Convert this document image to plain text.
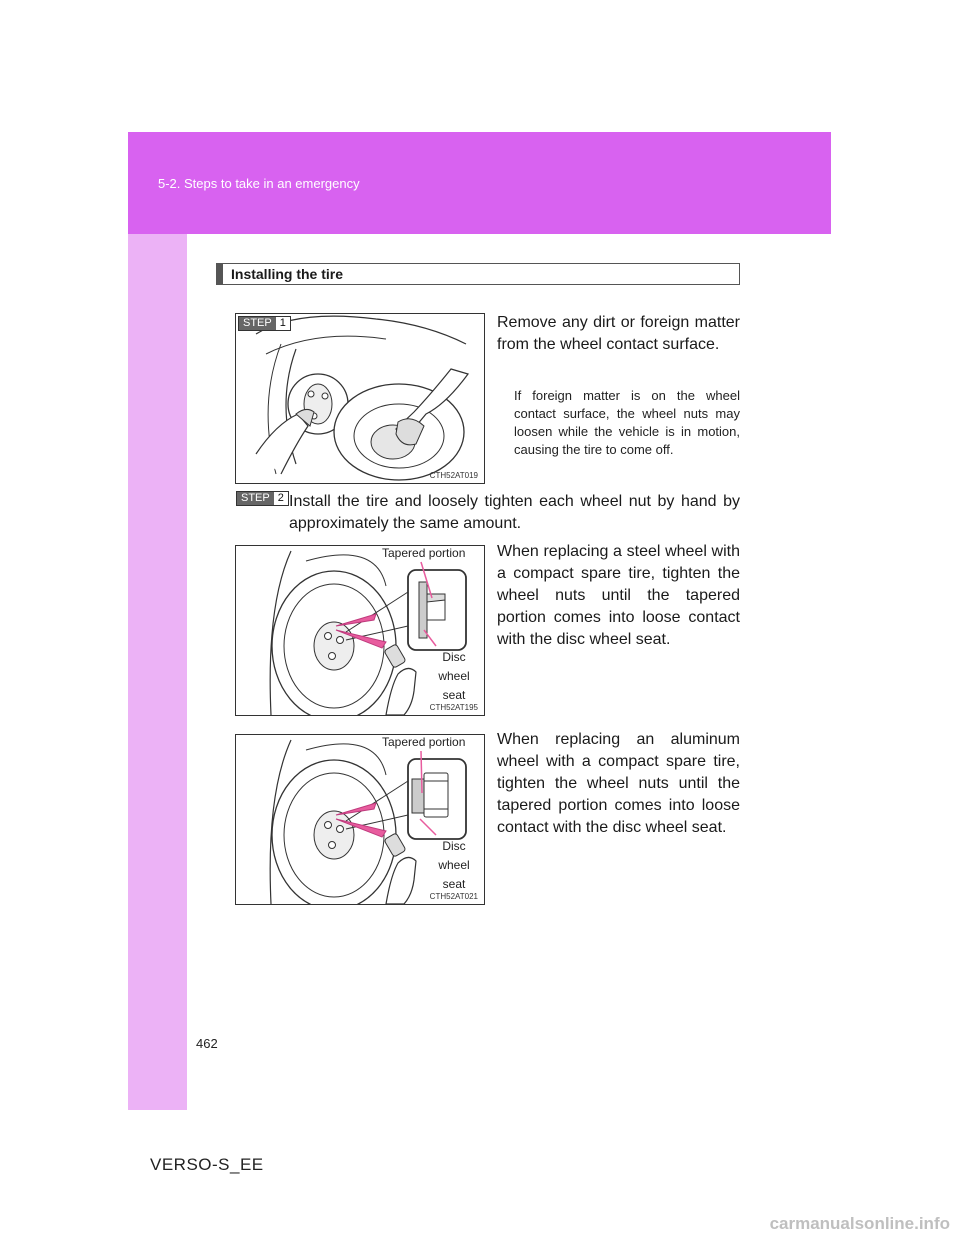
5-2. Steps to take in an emergency
462
VERSO-S_EE
carmanualsonline.info
Installing the tire
STEP 1
CTH52AT019
Remove any dirt or foreign matter from the wheel contact surface.
If foreign matter is on the wheel contact surface, the wheel nuts may loosen while the vehicle is in motion, causing the tire to come off.
STEP 2 Install the tire and loosely tighten each wheel nut by hand by approximately the same amount.
Tapered portion
Disc
wheel
seat
CTH52AT195
When replacing a steel wheel with a compact spare tire, tighten the wheel nuts until the tapered portion comes into loose contact with the disc wheel seat.
Tapered portion
Disc
wheel
seat
CTH52AT021
When replacing an aluminum wheel with a compact spare tire, tighten the wheel nuts until the tapered portion comes into loose contact with the disc wheel seat.
